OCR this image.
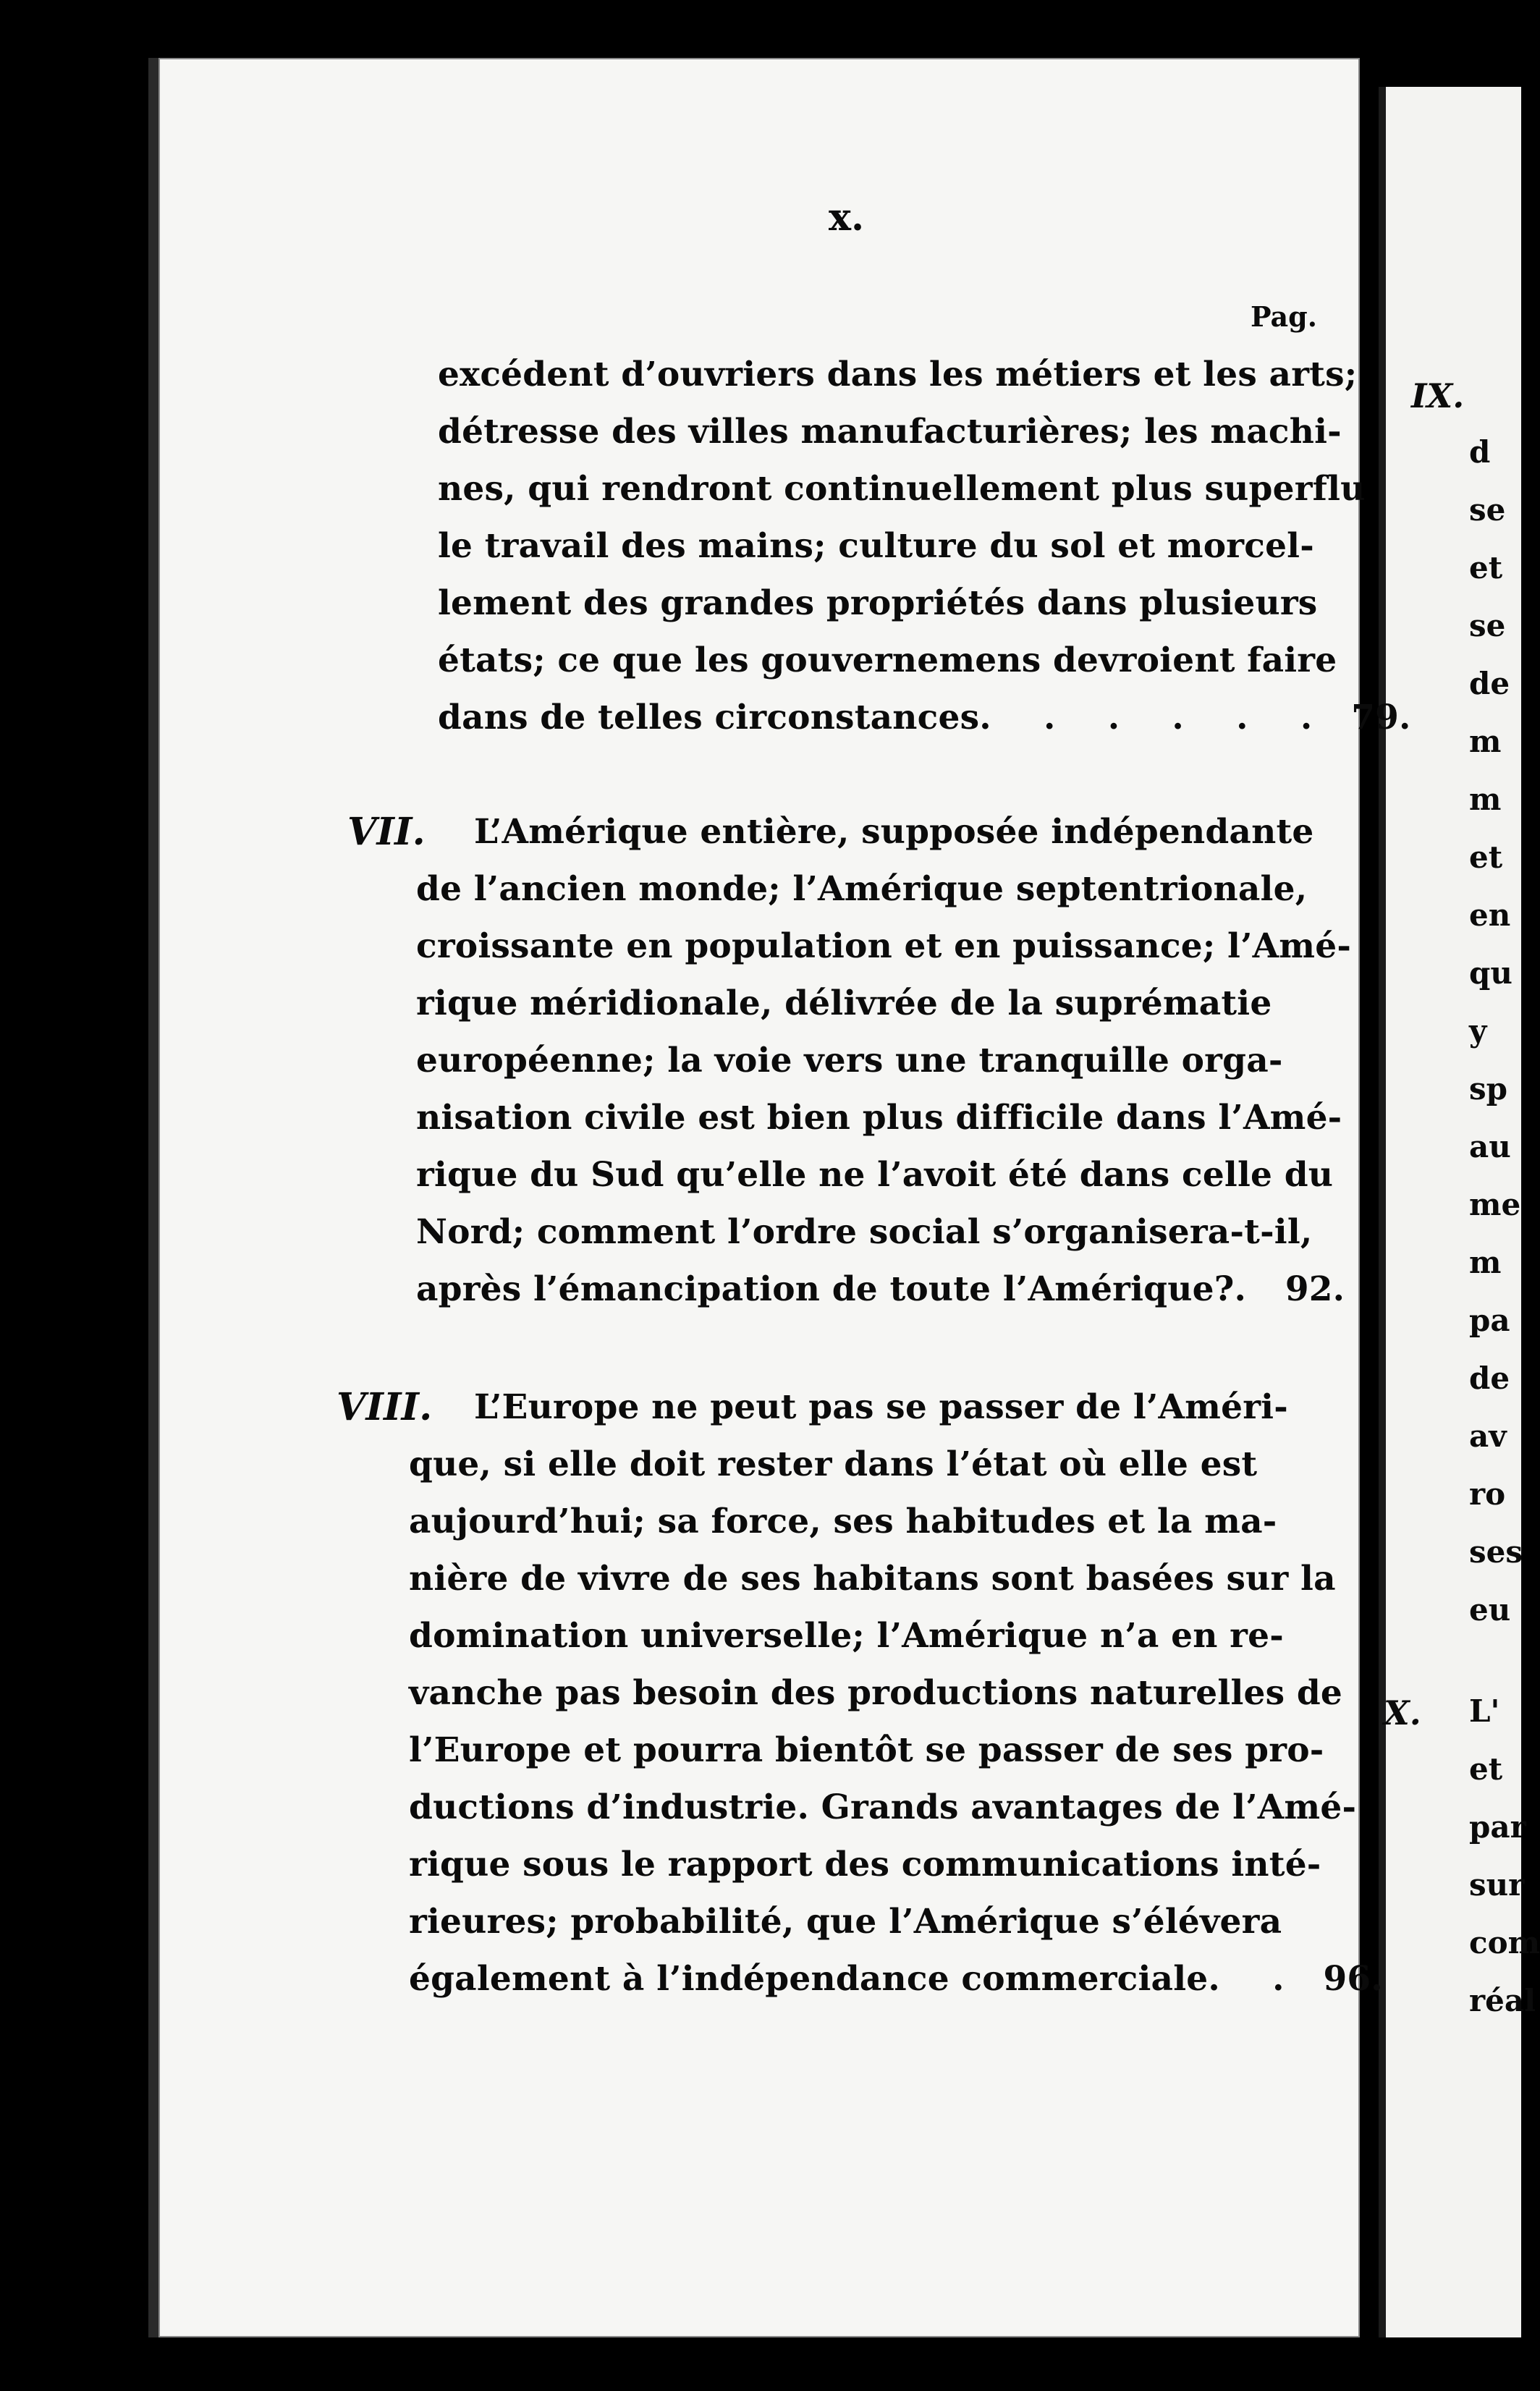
x.
Pag.
excédent d’ouvriers dans les métiers et les arts;
détresse des villes manufacturières; les machi-
nes, qui rendront continuellement plus superflu
le travail des mains; culture du sol et morcel-
lement des grandes propriétés dans plusieurs
états; ce que les gouvernemens devroient faire
dans de telles circonstances . . . . . . 79.
VII.	L’Amérique entière, supposée indépendante
de l’ancien monde; l’Amérique septentrionale,
croissante en population et en puissance; l’Amé-
rique méridionale, délivrée de la suprématie
européenne; la voie vers une tranquille orga-
nisation civile est bien plus difficile dans l’Amé-
rique du Sud qu’elle ne l’avoit été dans celle du
Nord; comment l’ordre social s’organisera-t-il,
après l’émancipation de toute l’Amérique? . 92.
VIII.	L’Europe ne peut pas se passer de l’Améri-
que, si elle doit rester dans l’état où elle est
aujourd’hui; sa force, ses habitudes et la ma-
nière de vivre de ses habitans sont basées sur la
domination universelle; l’Amérique n’a en re-
vanche pas besoin des productions naturelles de
l’Europe et pourra bientôt se passer de ses pro-
ductions d’industrie. Grands avantages de l’Amé-
rique sous le rapport des communications inté-
rieures; probabilité, que l’Amérique s’élévera
également à l’indépendance commerciale . . 96.
IX.
X.
d
se
et
se
de
m
m
et
en
qu
y
sp
au
me
m
pa
de
av
ro
ses
eu
L'
et
par
sur
com
réal
